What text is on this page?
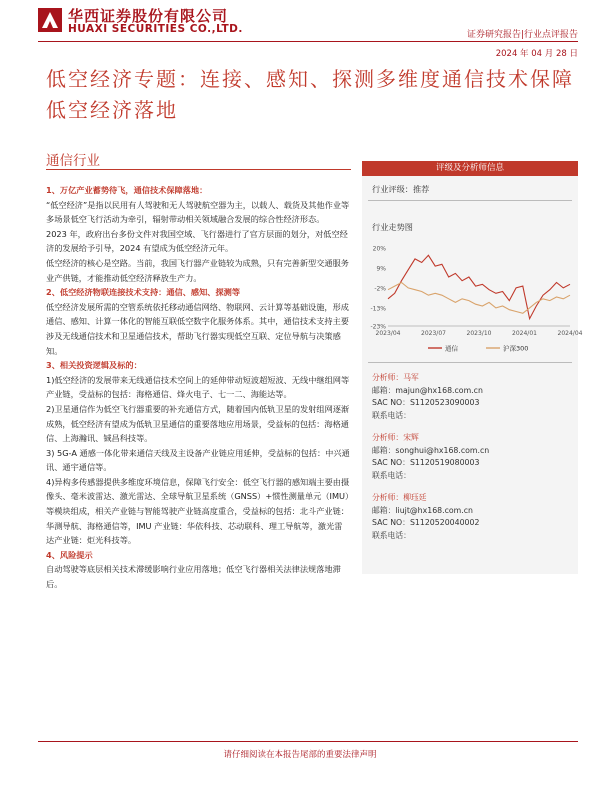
华西证券股份有限公司
HUAXI SECURITIES CO.,LTD.	证券研究报告|行业点评报告
2024 年 04 月 28 日
低空经济专题：连接、感知、探测多维度通信技术保障低空经济落地
通信行业

1、万亿产业蓄势待飞，通信技术保障落地：

“低空经济”是指以民用有人驾驶和无人驾驶航空器为主，以载人、载货及其他作业等多场景低空飞行活动为牵引，辐射带动相关领域融合发展的综合性经济形态。

2023 年，政府出台多份文件对我国空域、飞行器进行了官方层面的划分，对低空经济的发展给予引导，2024 有望成为低空经济元年。

低空经济的核心是空路。当前，我国飞行器产业链较为成熟，只有完善新型交通服务业产供链，才能推动低空经济释放生产力。

2、低空经济物联连接技术支持：通信、感知、探测等

低空经济发展所需的空管系统依托移动通信网络、物联网、云计算等基础设施，形成通信、感知、计算一体化的智能互联低空数字化服务体系。其中，通信技术支持主要涉及无线通信技术和卫星通信技术，帮助飞行器实现低空互联、定位导航与决策感知。

3、相关投资逻辑及标的：

1)低空经济的发展带来无线通信技术空间上的延伸带动短波超短波、无线中继组网等产业链，受益标的包括：海格通信、烽火电子、七一二、海能达等。

2)卫星通信作为低空飞行器重要的补充通信方式，随着国内低轨卫星的发射组网逐渐成熟，低空经济有望成为低轨卫星通信的重要落地应用场景，受益标的包括：海格通信、上海瀚讯、铖昌科技等。

3) 5G-A 通感一体化带来通信天线及主设备产业链应用延伸，受益标的包括：中兴通讯、通宇通信等。

4)异构多传感器提供多维度环境信息，保障飞行安全：低空飞行器的感知端主要由摄像头、毫米波雷达、激光雷达、全球导航卫星系统（GNSS）+惯性测量单元（IMU）等模块组成，相关产业链与智能驾驶产业链高度重合，受益标的包括：北斗产业链：华测导航、海格通信等，IMU 产业链：华依科技、芯动联科、理工导航等，激光雷达产业链：炬光科技等。

4、风险提示

自动驾驶等底层相关技术滞缓影响行业应用落地；低空飞行器相关法律法规落地滞后。

评级及分析师信息
行业评级：推荐
行业走势图
20%
9%
-2%
-13%
-23%
2023/04	2023/07	2023/10	2024/01	2024/04
通信	沪深300
分析师：马军
邮箱：majun@hx168.com.cn
SAC NO：S1120523090003
联系电话：
分析师：宋辉
邮箱：songhui@hx168.com.cn
SAC NO：S1120519080003
联系电话：
分析师：柳珏廷
邮箱：liujt@hx168.com.cn
SAC NO：S1120520040002
联系电话：
请仔细阅读在本报告尾部的重要法律声明
